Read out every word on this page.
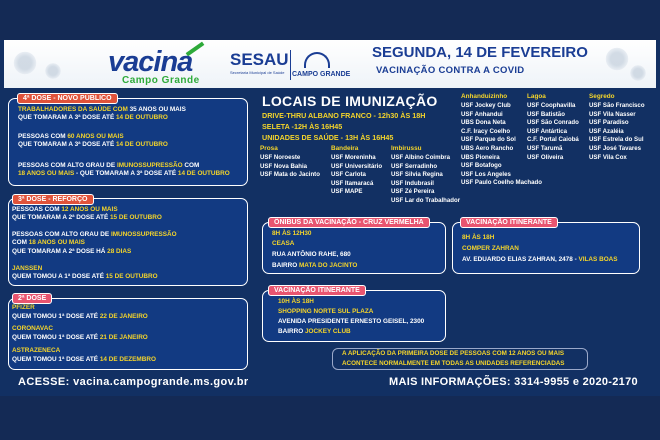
vacina
Campo Grande
SESAU
Secretaria Municipal de Saúde	CAMPO GRANDE
SEGUNDA, 14 DE FEVEREIRO
VACINAÇÃO CONTRA A COVID
4ª DOSE - NOVO PÚBLICO
TRABALHADORES DA SAÚDE COM 35 ANOS OU MAIS
QUE TOMARAM A 3ª DOSE ATÉ 14 DE OUTUBRO
PESSOAS COM 60 ANOS OU MAIS
QUE TOMARAM A 3ª DOSE ATÉ 14 DE OUTUBRO
PESSOAS COM ALTO GRAU DE IMUNOSSUPRESSÃO COM
18 ANOS OU MAIS - QUE TOMARAM A 3ª DOSE ATÉ 14 DE OUTUBRO
3ª DOSE - REFORÇO
PESSOAS COM 12 ANOS OU MAIS
QUE TOMARAM A 2ª DOSE ATÉ 15 DE OUTUBRO
PESSOAS COM ALTO GRAU DE IMUNOSSUPRESSÃO
COM 18 ANOS OU MAIS
QUE TOMARAM A 2ª DOSE HÁ 28 DIAS
JANSSEN
QUEM TOMOU A 1ª DOSE ATÉ 15 DE OUTUBRO
2ª DOSE
PFIZER
QUEM TOMOU 1ª DOSE ATÉ 22 DE JANEIRO
CORONAVAC
QUEM TOMOU 1ª DOSE ATÉ 21 DE JANEIRO
ASTRAZENECA
QUEM TOMOU 1ª DOSE ATÉ 14 DE DEZEMBRO
LOCAIS DE IMUNIZAÇÃO
DRIVE-THRU ALBANO FRANCO - 12h30 ÀS 18H
SELETA -12H ÀS 16H45
UNIDADES DE SAÚDE - 13H ÀS 16H45
Prosa
USF Noroeste
USF Nova Bahia
USF Mata do Jacinto
Bandeira
USF Moreninha
USF Universitário
USF Carlota
USF Itamaracá
USF MAPE
Imbirussu
USF Albino Coimbra
USF Serradinho
USF Silvia Regina
USF Indubrasil
USF Zé Pereira
USF Lar do Trabalhador
Anhanduizinho
USF Jockey Club
USF Anhandui
UBS Dona Neta
C.F. Iracy Coelho
USF Parque do Sol
UBS Aero Rancho
UBS Pioneira
USF Botafogo
USF Los Angeles
USF Paulo Coelho Machado
Lagoa
USF Coophavilla
USF Batistão
USF São Conrado
USF Antártica
C.F. Portal Caiobá
USF Tarumã
USF Oliveira
Segredo
USF São Francisco
USF Vila Nasser
USF Paradiso
USF Azaléia
USF Estrela do Sul
USF José Tavares
USF Vila Cox
ÔNIBUS DA VACINAÇÃO - CRUZ VERMELHA
8H ÀS 12H30
CEASA
RUA ANTÔNIO RAHE, 680
BAIRRO MATA DO JACINTO
VACINAÇÃO ITINERANTE
8H ÀS 18H
COMPER ZAHRAN
AV. EDUARDO ELIAS ZAHRAN, 2478 - VILAS BOAS
VACINAÇÃO ITINERANTE
10H ÀS 18H
SHOPPING NORTE SUL PLAZA
AVENIDA PRESIDENTE ERNESTO GEISEL, 2300
BAIRRO JOCKEY CLUB
A APLICAÇÃO DA PRIMEIRA DOSE DE PESSOAS COM 12 ANOS OU MAIS
ACONTECE NORMALMENTE EM TODAS AS UNIDADES REFERENCIADAS
ACESSE: vacina.campogrande.ms.gov.br	MAIS INFORMAÇÕES: 3314-9955 e 2020-2170
